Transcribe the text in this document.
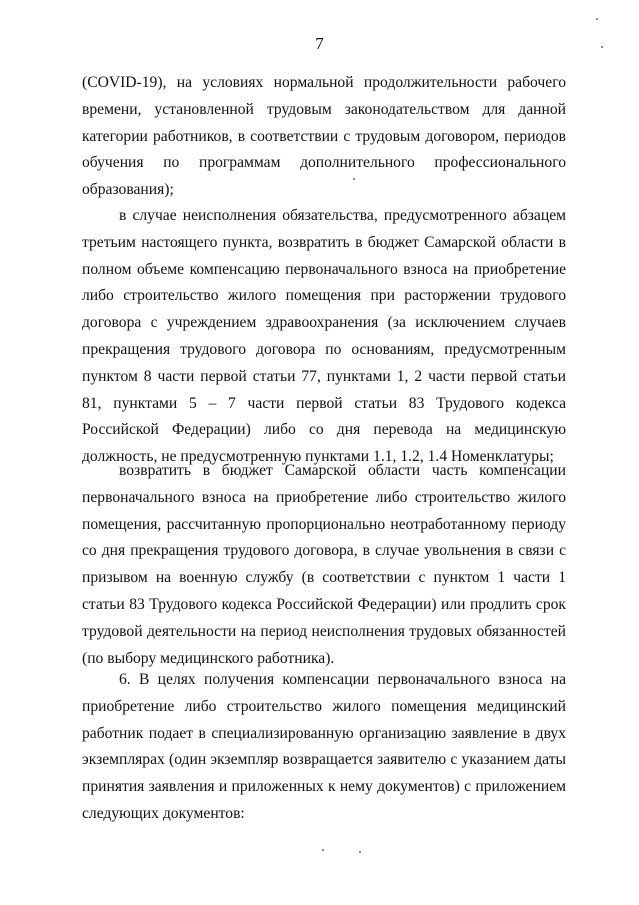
7

(COVID-19), на условиях нормальной продолжительности рабочего времени, установленной трудовым законодательством для данной категории работников, в соответствии с трудовым договором, периодов обучения по программам дополнительного профессионального образования);

в случае неисполнения обязательства, предусмотренного абзацем третьим настоящего пункта, возвратить в бюджет Самарской области в полном объеме компенсацию первоначального взноса на приобретение либо строительство жилого помещения при расторжении трудового договора с учреждением здравоохранения (за исключением случаев прекращения трудового договора по основаниям, предусмотренным пунктом 8 части первой статьи 77, пунктами 1, 2 части первой статьи 81, пунктами 5 – 7 части первой статьи 83 Трудового кодекса Российской Федерации) либо со дня перевода на медицинскую должность, не предусмотренную пунктами 1.1, 1.2, 1.4 Номенклатуры;

возвратить в бюджет Самарской области часть компенсации первоначального взноса на приобретение либо строительство жилого помещения, рассчитанную пропорционально неотработанному периоду со дня прекращения трудового договора, в случае увольнения в связи с призывом на военную службу (в соответствии с пунктом 1 части 1 статьи 83 Трудового кодекса Российской Федерации) или продлить срок трудовой деятельности на период неисполнения трудовых обязанностей (по выбору медицинского работника).

6. В целях получения компенсации первоначального взноса на приобретение либо строительство жилого помещения медицинский работник подает в специализированную организацию заявление в двух экземплярах (один экземпляр возвращается заявителю с указанием даты принятия заявления и приложенных к нему документов) с приложением следующих документов:
